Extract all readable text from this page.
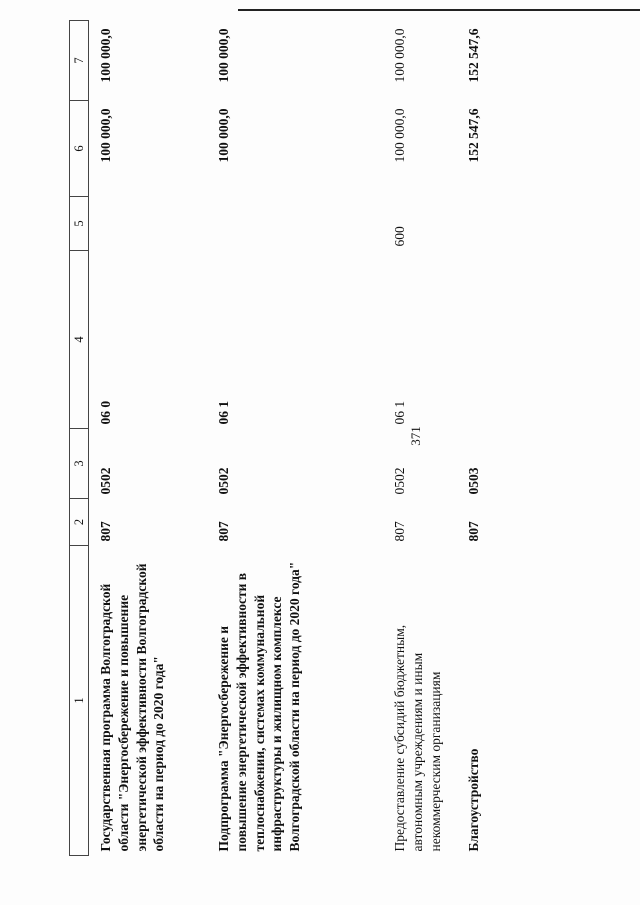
371
1	2	3	4	5	6	7
Государственная программа Волгоградской области "Энергосбережение и повышение энергетической эффективности Волгоградской области на период до 2020 года"	807	0502	06 0		100 000,0	100 000,0
Подпрограмма "Энергосбережение и повышение энергетической эффективности в теплоснабжении, системах коммунальной инфраструктуры и жилищном комплексе Волгоградской области на период до 2020 года"	807	0502	06 1		100 000,0	100 000,0
Предоставление субсидий бюджетным, автономным учреждениям и иным некоммерческим организациям	807	0502	06 1	600	100 000,0	100 000,0
Благоустройство	807	0503			152 547,6	152 547,6
